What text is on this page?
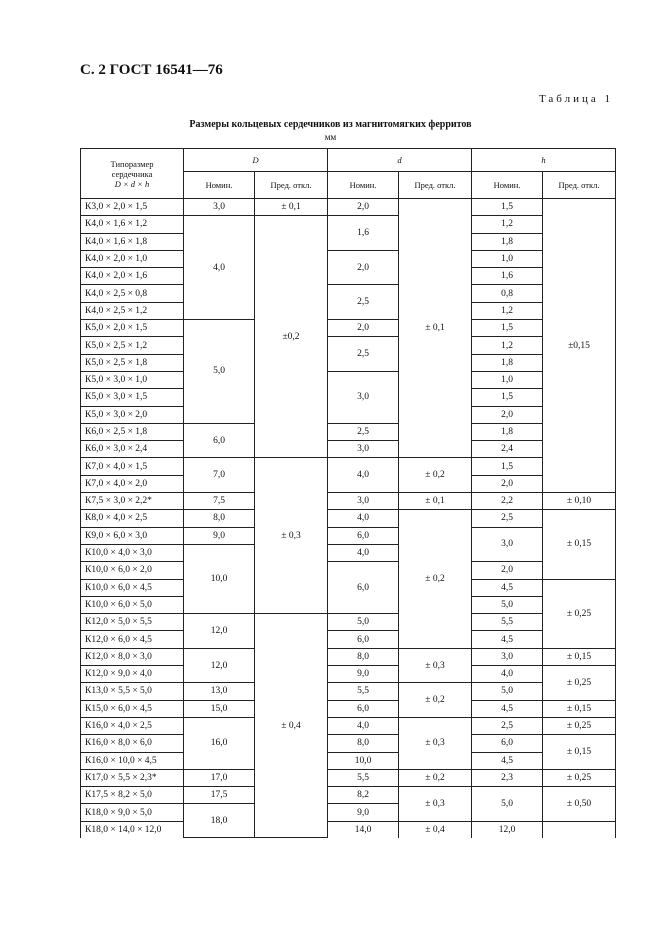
С. 2 ГОСТ 16541—76
Таблица 1
Размеры кольцевых сердечников из магнитомягких ферритов
мм
Типоразмер
сердечника
D × d × h	D		d		h	
	Номин.	Пред. откл.	Номин.	Пред. откл.	Номин.	Пред. откл.
К3,0 × 2,0 × 1,5	3,0	± 0,1	2,0	± 0,1	1,5	±0,15
К4,0 × 1,6 × 1,2	4,0	±0,2	1,6		1,2	
К4,0 × 1,6 × 1,8					1,8	
К4,0 × 2,0 × 1,0			2,0		1,0	
К4,0 × 2,0 × 1,6					1,6	
К4,0 × 2,5 × 0,8			2,5		0,8	
К4,0 × 2,5 × 1,2					1,2	
К5,0 × 2,0 × 1,5	5,0		2,0		1,5	
К5,0 × 2,5 × 1,2			2,5		1,2	
К5,0 × 2,5 × 1,8					1,8	
К5,0 × 3,0 × 1,0			3,0		1,0	
К5,0 × 3,0 × 1,5					1,5	
К5,0 × 3,0 × 2,0					2,0	
К6,0 × 2,5 × 1,8	6,0		2,5		1,8	
К6,0 × 3,0 × 2,4			3,0		2,4	
К7,0 × 4,0 × 1,5	7,0	± 0,3	4,0	± 0,2	1,5	
К7,0 × 4,0 × 2,0					2,0	
К7,5 × 3,0 × 2,2*	7,5		3,0	± 0,1	2,2	± 0,10
К8,0 × 4,0 × 2,5	8,0		4,0	± 0,2	2,5	± 0,15
К9,0 × 6,0 × 3,0	9,0		6,0		3,0	
К10,0 × 4,0 × 3,0	10,0		4,0			
К10,0 × 6,0 × 2,0			6,0		2,0	
К10,0 × 6,0 × 4,5					4,5	± 0,25
К10,0 × 6,0 × 5,0					5,0	
К12,0 × 5,0 × 5,5	12,0	± 0,4	5,0		5,5	
К12,0 × 6,0 × 4,5			6,0		4,5	
К12,0 × 8,0 × 3,0	12,0		8,0	± 0,3	3,0	± 0,15
К12,0 × 9,0 × 4,0			9,0		4,0	± 0,25
К13,0 × 5,5 × 5,0	13,0		5,5	± 0,2	5,0	
К15,0 × 6,0 × 4,5	15,0		6,0		4,5	± 0,15
К16,0 × 4,0 × 2,5	16,0		4,0	± 0,3	2,5	± 0,25
К16,0 × 8,0 × 6,0			8,0		6,0	± 0,15
К16,0 × 10,0 × 4,5			10,0		4,5	
К17,0 × 5,5 × 2,3*	17,0		5,5	± 0,2	2,3	± 0,25
К17,5 × 8,2 × 5,0	17,5		8,2	± 0,3	5,0	± 0,50
К18,0 × 9,0 × 5,0	18,0		9,0			
К18,0 × 14,0 × 12,0			14,0	± 0,4	12,0	
